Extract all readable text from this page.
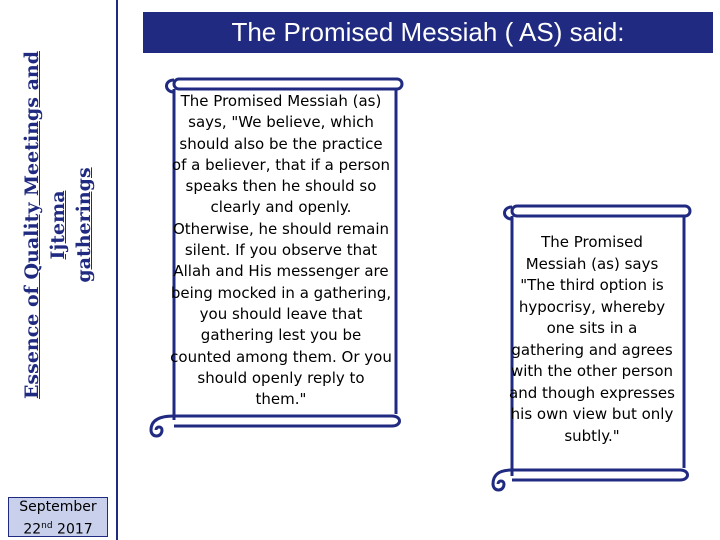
Essence of Quality Meetings and Ijtema gatherings
September
22nd 2017
The Promised Messiah ( AS) said:
The Promised Messiah (as) says, "We believe, which should also be the practice of a believer, that if a person speaks then he should so clearly and openly. Otherwise, he should remain silent. If you observe that Allah and His messenger are being mocked in a gathering, you should leave that gathering lest you be counted among them. Or you should openly reply to them."
The Promised Messiah (as) says "The third option is hypocrisy, whereby one sits in a gathering and agrees with the other person and though expresses his own view but only subtly."
